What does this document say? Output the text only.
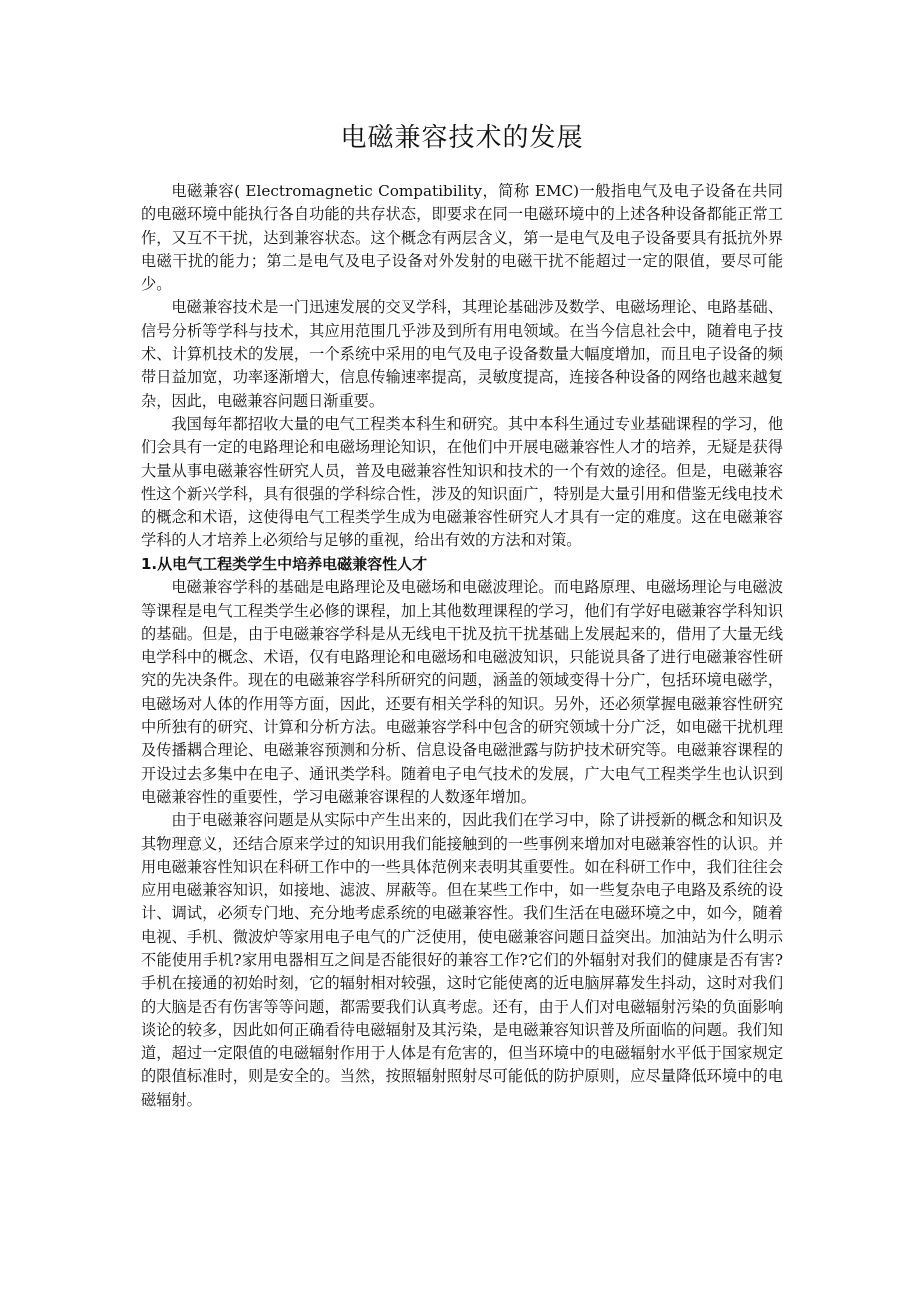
电磁兼容技术的发展

电磁兼容( Electromagnetic Compatibility，简称 EMC)一般指电气及电子设备在共同的电磁环境中能执行各自功能的共存状态，即要求在同一电磁环境中的上述各种设备都能正常工作，又互不干扰，达到兼容状态。这个概念有两层含义，第一是电气及电子设备要具有抵抗外界电磁干扰的能力；第二是电气及电子设备对外发射的电磁干扰不能超过一定的限值，要尽可能少。

电磁兼容技术是一门迅速发展的交叉学科，其理论基础涉及数学、电磁场理论、电路基础、信号分析等学科与技术，其应用范围几乎涉及到所有用电领域。在当今信息社会中，随着电子技术、计算机技术的发展，一个系统中采用的电气及电子设备数量大幅度增加，而且电子设备的频带日益加宽，功率逐渐增大，信息传输速率提高，灵敏度提高，连接各种设备的网络也越来越复杂，因此，电磁兼容问题日渐重要。

我国每年都招收大量的电气工程类本科生和研究。其中本科生通过专业基础课程的学习，他们会具有一定的电路理论和电磁场理论知识，在他们中开展电磁兼容性人才的培养，无疑是获得大量从事电磁兼容性研究人员，普及电磁兼容性知识和技术的一个有效的途径。但是，电磁兼容性这个新兴学科，具有很强的学科综合性，涉及的知识面广，特别是大量引用和借鉴无线电技术的概念和术语，这使得电气工程类学生成为电磁兼容性研究人才具有一定的难度。这在电磁兼容学科的人才培养上必须给与足够的重视，给出有效的方法和对策。

1.从电气工程类学生中培养电磁兼容性人才

电磁兼容学科的基础是电路理论及电磁场和电磁波理论。而电路原理、电磁场理论与电磁波等课程是电气工程类学生必修的课程，加上其他数理课程的学习，他们有学好电磁兼容学科知识的基础。但是，由于电磁兼容学科是从无线电干扰及抗干扰基础上发展起来的，借用了大量无线电学科中的概念、术语，仅有电路理论和电磁场和电磁波知识，只能说具备了进行电磁兼容性研究的先决条件。现在的电磁兼容学科所研究的问题，涵盖的领域变得十分广，包括环境电磁学，电磁场对人体的作用等方面，因此，还要有相关学科的知识。另外，还必须掌握电磁兼容性研究中所独有的研究、计算和分析方法。电磁兼容学科中包含的研究领域十分广泛，如电磁干扰机理及传播耦合理论、电磁兼容预测和分析、信息设备电磁泄露与防护技术研究等。电磁兼容课程的开设过去多集中在电子、通讯类学科。随着电子电气技术的发展，广大电气工程类学生也认识到电磁兼容性的重要性，学习电磁兼容课程的人数逐年增加。

由于电磁兼容问题是从实际中产生出来的，因此我们在学习中，除了讲授新的概念和知识及其物理意义，还结合原来学过的知识用我们能接触到的一些事例来增加对电磁兼容性的认识。并用电磁兼容性知识在科研工作中的一些具体范例来表明其重要性。如在科研工作中，我们往往会应用电磁兼容知识，如接地、滤波、屏蔽等。但在某些工作中，如一些复杂电子电路及系统的设计、调试，必须专门地、充分地考虑系统的电磁兼容性。我们生活在电磁环境之中，如今，随着电视、手机、微波炉等家用电子电气的广泛使用，使电磁兼容问题日益突出。加油站为什么明示不能使用手机?家用电器相互之间是否能很好的兼容工作?它们的外辐射对我们的健康是否有害?手机在接通的初始时刻，它的辐射相对较强，这时它能使离的近电脑屏幕发生抖动，这时对我们的大脑是否有伤害等等问题，都需要我们认真考虑。还有，由于人们对电磁辐射污染的负面影响谈论的较多，因此如何正确看待电磁辐射及其污染，是电磁兼容知识普及所面临的问题。我们知道，超过一定限值的电磁辐射作用于人体是有危害的，但当环境中的电磁辐射水平低于国家规定的限值标准时，则是安全的。当然，按照辐射照射尽可能低的防护原则，应尽量降低环境中的电磁辐射。
